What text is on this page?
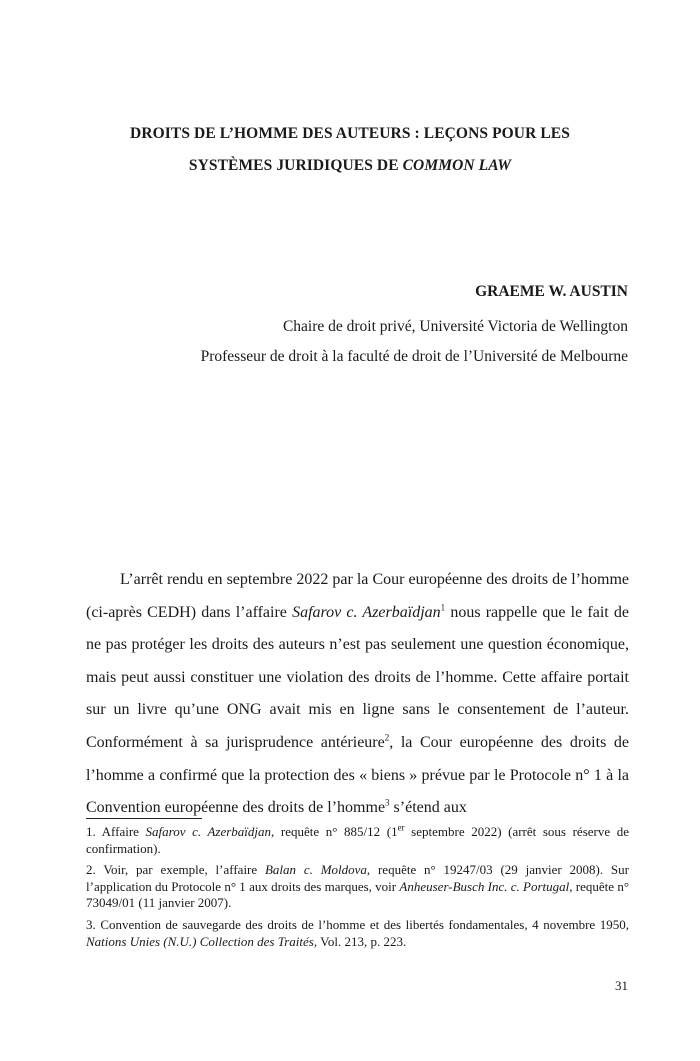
DROITS DE L’HOMME DES AUTEURS : LEÇONS POUR LES
SYSTÈMES JURIDIQUES DE COMMON LAW
GRAEME W. AUSTIN
Chaire de droit privé, Université Victoria de Wellington
Professeur de droit à la faculté de droit de l’Université de Melbourne

L’arrêt rendu en septembre 2022 par la Cour européenne des droits de l’homme (ci-après CEDH) dans l’affaire Safarov c. Azerbaïdjan$^1$ nous rappelle que le fait de ne pas protéger les droits des auteurs n’est pas seulement une question économique, mais peut aussi constituer une violation des droits de l’homme. Cette affaire portait sur un livre qu’une ONG avait mis en ligne sans le consentement de l’auteur. Conformément à sa jurisprudence antérieure$^2$, la Cour européenne des droits de l’homme a confirmé que la protection des « biens » prévue par le Protocole n° 1 à la Convention européenne des droits de l’homme$^3$ s’étend aux

1. Affaire Safarov c. Azerbaïdjan, requête n° 885/12 (1er septembre 2022) (arrêt sous réserve de confirmation).

2. Voir, par exemple, l’affaire Balan c. Moldova, requête n° 19247/03 (29 janvier 2008). Sur l’application du Protocole n° 1 aux droits des marques, voir Anheuser-Busch Inc. c. Portugal, requête n° 73049/01 (11 janvier 2007).

3. Convention de sauvegarde des droits de l’homme et des libertés fondamentales, 4 novembre 1950, Nations Unies (N.U.) Collection des Traités, Vol. 213, p. 223.

31
